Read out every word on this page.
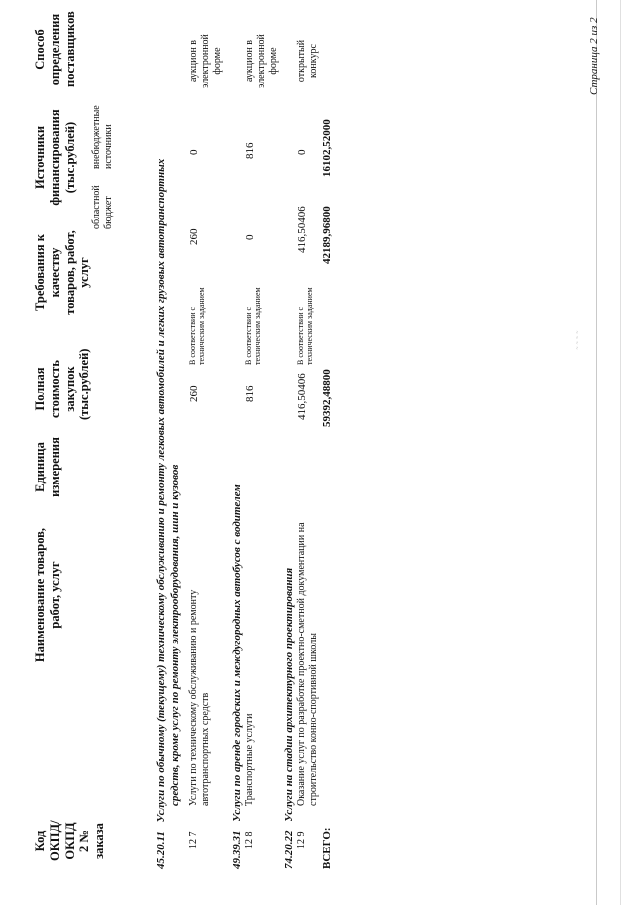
˜ ˜ ˜ ˜
Код ОКПД/ ОКПД 2 № заказа
Наименование товаров, работ, услуг
Единица измерения
Полная стоимость закупок (тыс.рублей)
Требования к качеству товаров, работ, услуг
Источники финансирования (тыс.рублей)
областной бюджет
внебюджетные источники
Способ определения поставщиков
45.20.11 Услуги по обычному (текущему) техническому обслуживанию и ремонту легковых автомобилей и легких грузовых автотранспортных средств, кроме услуг по ремонту электрооборудования, шин и кузовов
12 7
Услуги по техническому обслуживанию и ремонту автотранспортных средств
260
В соответствии с техническим заданием
260
0
аукцион в электронной форме
49.39.31 Услуги по аренде городских и междугородных автобусов с водителем
12 8
Транспортные услуги
816
В соответствии с техническим заданием
0
816
аукцион в электронной форме
74.20.22 Услуги на стадии архитектурного проектирования
12 9
Оказание услуг по разработке проектно-сметной документации на строительство конно-спортивной школы
416,50406
В соответствии с техническим заданием
416,50406
0
открытый конкурс
ВСЕГО:
59392,48800
42189,96800
16102,52000
Страница 2 из 2
